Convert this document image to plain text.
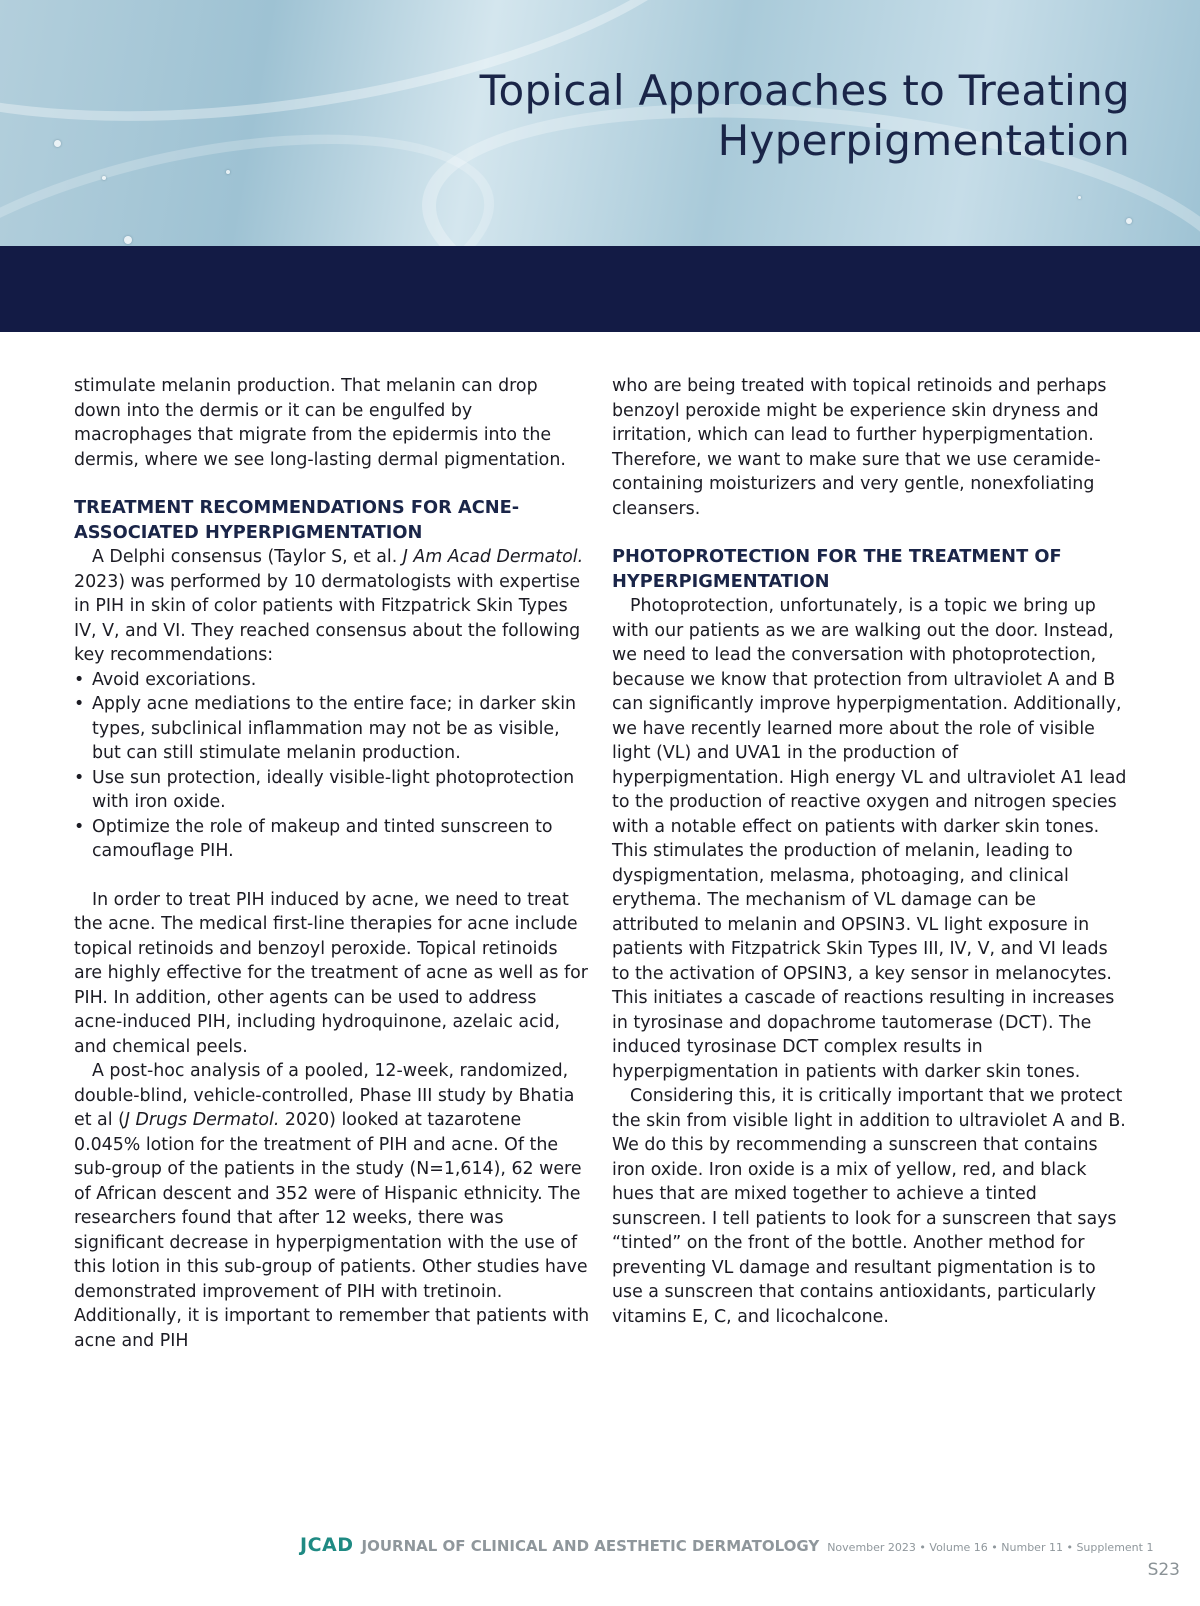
Topical Approaches to Treating
Hyperpigmentation

stimulate melanin production. That melanin can drop down into the dermis or it can be engulfed by macrophages that migrate from the epidermis into the dermis, where we see long-lasting dermal pigmentation.

TREATMENT RECOMMENDATIONS FOR ACNE-ASSOCIATED HYPERPIGMENTATION

A Delphi consensus (Taylor S, et al. J Am Acad Dermatol. 2023) was performed by 10 dermatologists with expertise in PIH in skin of color patients with Fitzpatrick Skin Types IV, V, and VI. They reached consensus about the following key recommendations:

• Avoid excoriations.
• Apply acne mediations to the entire face; in darker skin types, subclinical inflammation may not be as visible, but can still stimulate melanin production.
• Use sun protection, ideally visible-light photoprotection with iron oxide.
• Optimize the role of makeup and tinted sunscreen to camouflage PIH.

In order to treat PIH induced by acne, we need to treat the acne. The medical first-line therapies for acne include topical retinoids and benzoyl peroxide. Topical retinoids are highly effective for the treatment of acne as well as for PIH. In addition, other agents can be used to address acne-induced PIH, including hydroquinone, azelaic acid, and chemical peels.

A post-hoc analysis of a pooled, 12-week, randomized, double-blind, vehicle-controlled, Phase III study by Bhatia et al (J Drugs Dermatol. 2020) looked at tazarotene 0.045% lotion for the treatment of PIH and acne. Of the sub-group of the patients in the study (N=1,614), 62 were of African descent and 352 were of Hispanic ethnicity. The researchers found that after 12 weeks, there was significant decrease in hyperpigmentation with the use of this lotion in this sub-group of patients. Other studies have demonstrated improvement of PIH with tretinoin. Additionally, it is important to remember that patients with acne and PIH

who are being treated with topical retinoids and perhaps benzoyl peroxide might be experience skin dryness and irritation, which can lead to further hyperpigmentation. Therefore, we want to make sure that we use ceramide-containing moisturizers and very gentle, nonexfoliating cleansers.

PHOTOPROTECTION FOR THE TREATMENT OF HYPERPIGMENTATION

Photoprotection, unfortunately, is a topic we bring up with our patients as we are walking out the door. Instead, we need to lead the conversation with photoprotection, because we know that protection from ultraviolet A and B can significantly improve hyperpigmentation. Additionally, we have recently learned more about the role of visible light (VL) and UVA1 in the production of hyperpigmentation. High energy VL and ultraviolet A1 lead to the production of reactive oxygen and nitrogen species with a notable effect on patients with darker skin tones. This stimulates the production of melanin, leading to dyspigmentation, melasma, photoaging, and clinical erythema. The mechanism of VL damage can be attributed to melanin and OPSIN3. VL light exposure in patients with Fitzpatrick Skin Types III, IV, V, and VI leads to the activation of OPSIN3, a key sensor in melanocytes. This initiates a cascade of reactions resulting in increases in tyrosinase and dopachrome tautomerase (DCT). The induced tyrosinase DCT complex results in hyperpigmentation in patients with darker skin tones.

Considering this, it is critically important that we protect the skin from visible light in addition to ultraviolet A and B. We do this by recommending a sunscreen that contains iron oxide. Iron oxide is a mix of yellow, red, and black hues that are mixed together to achieve a tinted sunscreen. I tell patients to look for a sunscreen that says “tinted” on the front of the bottle. Another method for preventing VL damage and resultant pigmentation is to use a sunscreen that contains antioxidants, particularly vitamins E, C, and licochalcone.

JCAD JOURNAL OF CLINICAL AND AESTHETIC DERMATOLOGY November 2023 • Volume 16 • Number 11 • Supplement 1
S23
